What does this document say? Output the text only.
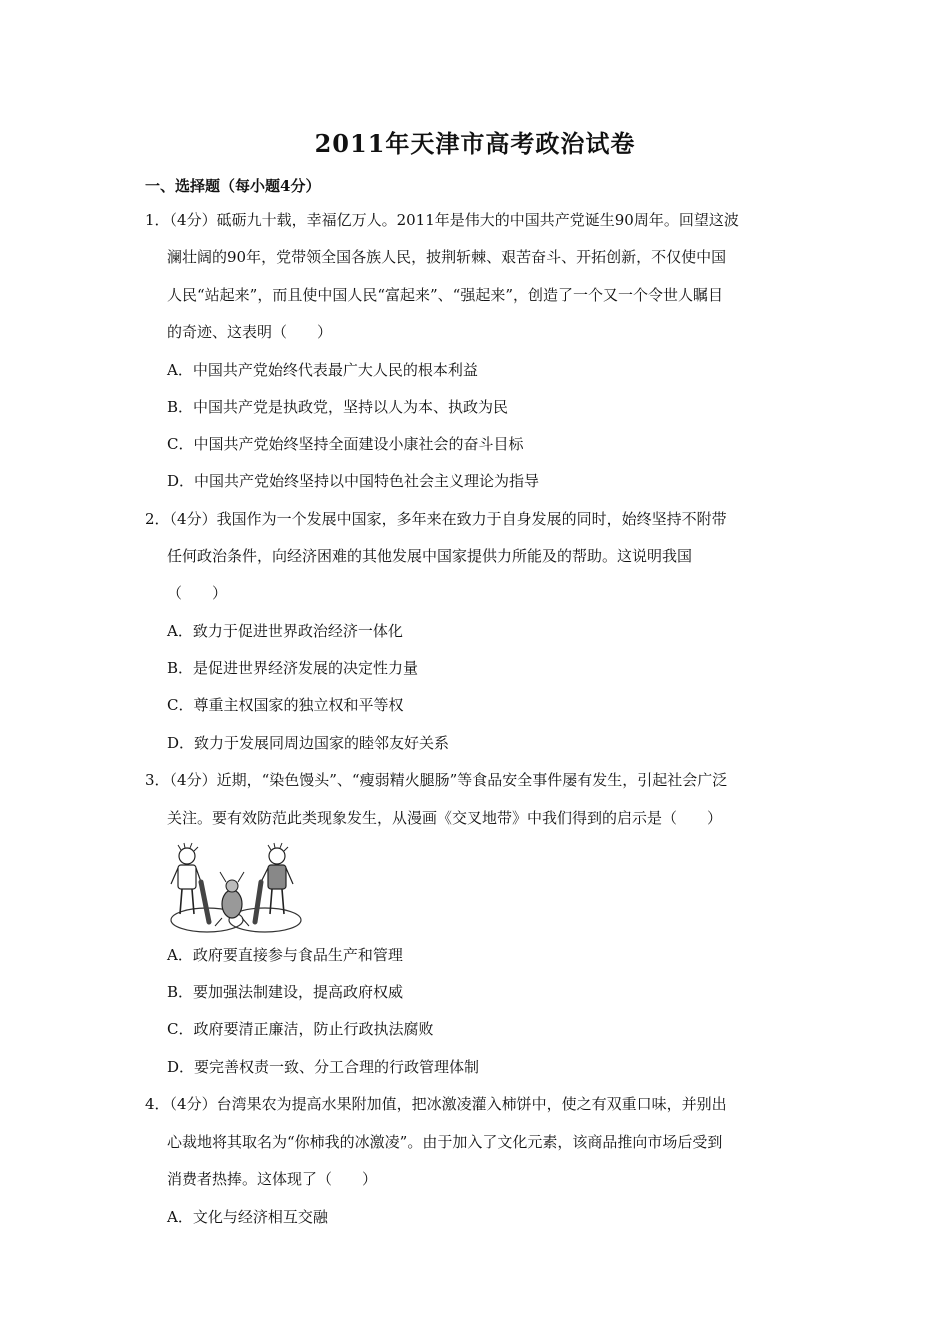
2011年天津市高考政治试卷
一、选择题（每小题4分）
1．（4分）砥砺九十载，幸福亿万人。2011年是伟大的中国共产党诞生90周年。回望这波
澜壮阔的90年，党带领全国各族人民，披荆斩棘、艰苦奋斗、开拓创新，不仅使中国
人民“站起来”，而且使中国人民“富起来”、“强起来”，创造了一个又一个令世人瞩目
的奇迹、这表明（　　）
A．中国共产党始终代表最广大人民的根本利益
B．中国共产党是执政党，坚持以人为本、执政为民
C．中国共产党始终坚持全面建设小康社会的奋斗目标
D．中国共产党始终坚持以中国特色社会主义理论为指导
2．（4分）我国作为一个发展中国家，多年来在致力于自身发展的同时，始终坚持不附带
任何政治条件，向经济困难的其他发展中国家提供力所能及的帮助。这说明我国
（　　）
A．致力于促进世界政治经济一体化
B．是促进世界经济发展的决定性力量
C．尊重主权国家的独立权和平等权
D．致力于发展同周边国家的睦邻友好关系
3．（4分）近期，“染色馒头”、“瘦弱精火腿肠”等食品安全事件屡有发生，引起社会广泛
关注。要有效防范此类现象发生，从漫画《交叉地带》中我们得到的启示是（　　）
A．政府要直接参与食品生产和管理
B．要加强法制建设，提高政府权威
C．政府要清正廉洁，防止行政执法腐败
D．要完善权责一致、分工合理的行政管理体制
4．（4分）台湾果农为提高水果附加值，把冰激凌灌入柿饼中，使之有双重口味，并别出
心裁地将其取名为“你柿我的冰激凌”。由于加入了文化元素，该商品推向市场后受到
消费者热捧。这体现了（　　）
A．文化与经济相互交融
